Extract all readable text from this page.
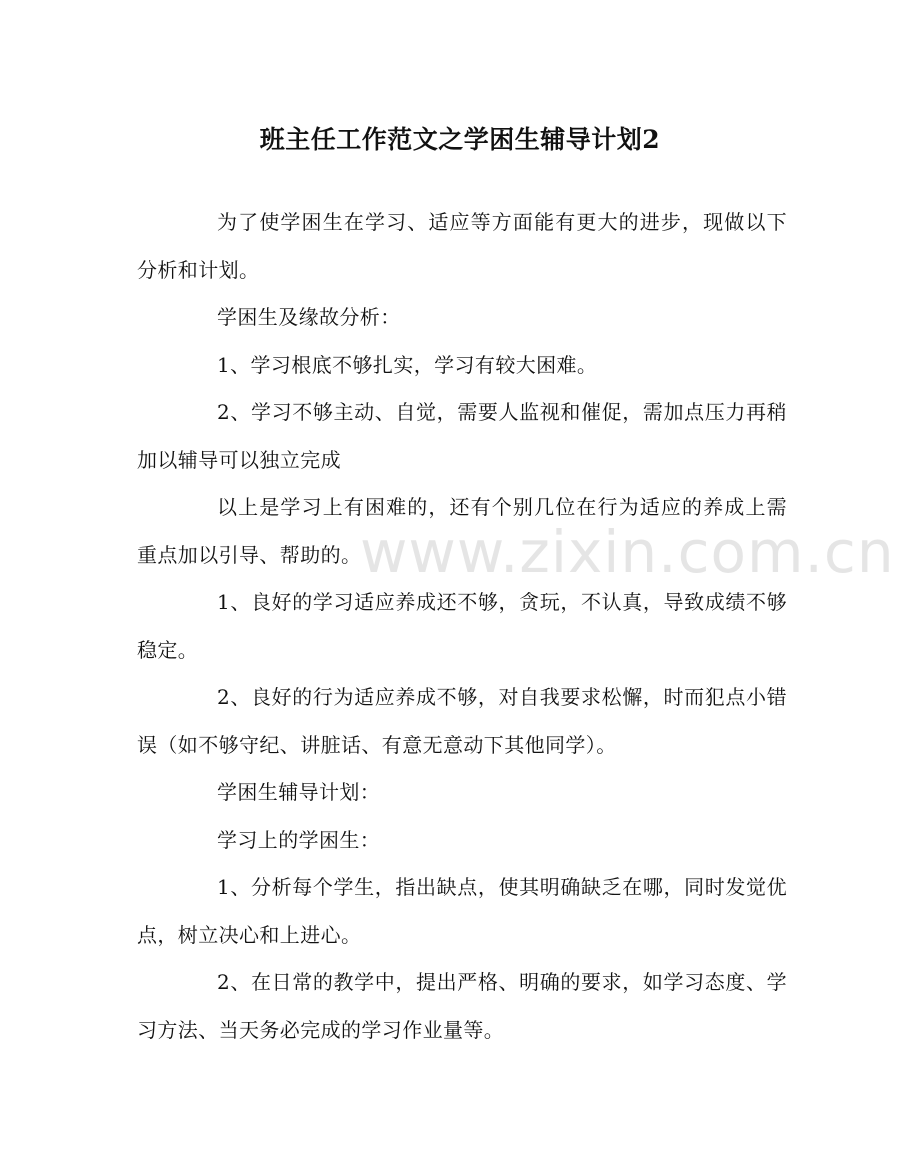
班主任工作范文之学困生辅导计划2

为了使学困生在学习、适应等方面能有更大的进步，现做以下分析和计划。

学困生及缘故分析：

1、学习根底不够扎实，学习有较大困难。

2、学习不够主动、自觉，需要人监视和催促，需加点压力再稍加以辅导可以独立完成

以上是学习上有困难的，还有个别几位在行为适应的养成上需重点加以引导、帮助的。

1、良好的学习适应养成还不够，贪玩，不认真，导致成绩不够稳定。

2、良好的行为适应养成不够，对自我要求松懈，时而犯点小错误（如不够守纪、讲脏话、有意无意动下其他同学）。

学困生辅导计划：

学习上的学困生：

1、分析每个学生，指出缺点，使其明确缺乏在哪，同时发觉优点，树立决心和上进心。

2、在日常的教学中，提出严格、明确的要求，如学习态度、学习方法、当天务必完成的学习作业量等。

www.zixin.com.cn
